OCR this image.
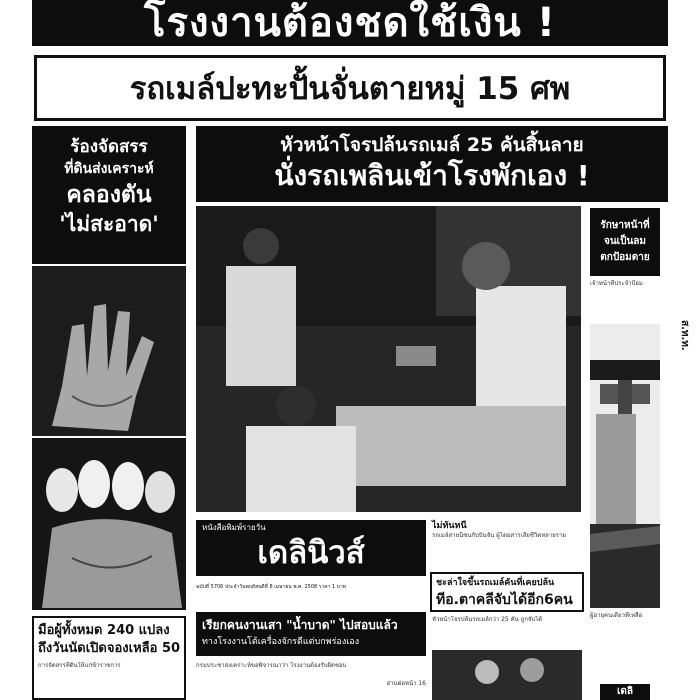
โรงงานต้องชดใช้เงิน !
รถเมล์ปะทะปั้นจั่นตายหมู่ 15 ศพ
ร้องจัดสรร
ที่ดินส่งเคราะห์
คลองตัน
'ไม่สะอาด'
มือผู้ทั้งหมด 240 แปลง
ถึงวันนัดเปิดจองเหลือ 50
การจัดสรรที่ดินให้แก่ข้าราชการ
หัวหน้าโจรปล้นรถเมล์ 25 คันสิ้นลาย
นั่งรถเพลินเข้าโรงพักเอง !
หนังสือพิมพ์รายวัน
เดลินิวส์
ฉบับที่ 5706 ประจำวันพฤหัสบดีที่ 8 เมษายน พ.ศ. 2508 ราคา 1 บาท
เรียกคนงานเสา "น้ำบาด" ไปสอบแล้ว
ทางโรงงานโต้เครื่องจักรดีแต่บกพร่องเอง
กรมประชาสงเคราะห์ขอพิจารณาว่า โรงงานต้องรับผิดชอบ
อ่านต่อหน้า 16
ไม่ทันหนี
รถเมล์สายนี้ชนกับปั้นจั่น ผู้โดยสารเสียชีวิตหลายราย
ชะล่าใจขึ้นรถเมล์คันที่เคยปล้น
ทีอ.ตาคลีจับได้อีก6คน
หัวหน้าโจรปล้นรถเมล์กว่า 25 คัน ถูกจับได้
รักษาหน้าที่
จนเป็นลม
ตกป้อมตาย
เจ้าหน้าที่ประจำป้อม
ส.ท.ท.
ผู้อายุคนเดียวที่เหลือ
เดลิ
